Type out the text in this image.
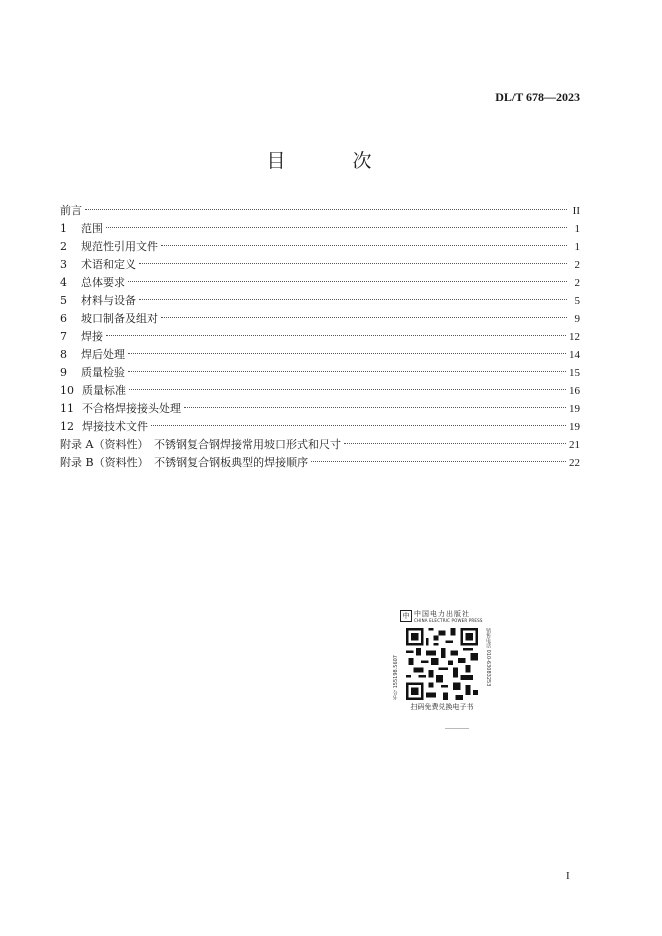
DL/T 678—2023
目　次
前言	II
1 范围	1
2 规范性引用文件	1
3 术语和定义	2
4 总体要求	2
5 材料与设备	5
6 坡口制备及组对	9
7 焊接	12
8 焊后处理	14
9 质量检验	15
10 质量标准	16
11 不合格焊接接头处理	19
12 焊接技术文件	19
附录 A （资料性）　不锈钢复合钢焊接常用坡口形式和尺寸	21
附录 B （资料性）　不锈钢复合钢板典型的焊接顺序	22
中 中国电力出版社
CHINA ELECTRIC POWER PRESS
书号 155198.5607	销售电话 010-63083253
扫码免费兑换电子书
I
